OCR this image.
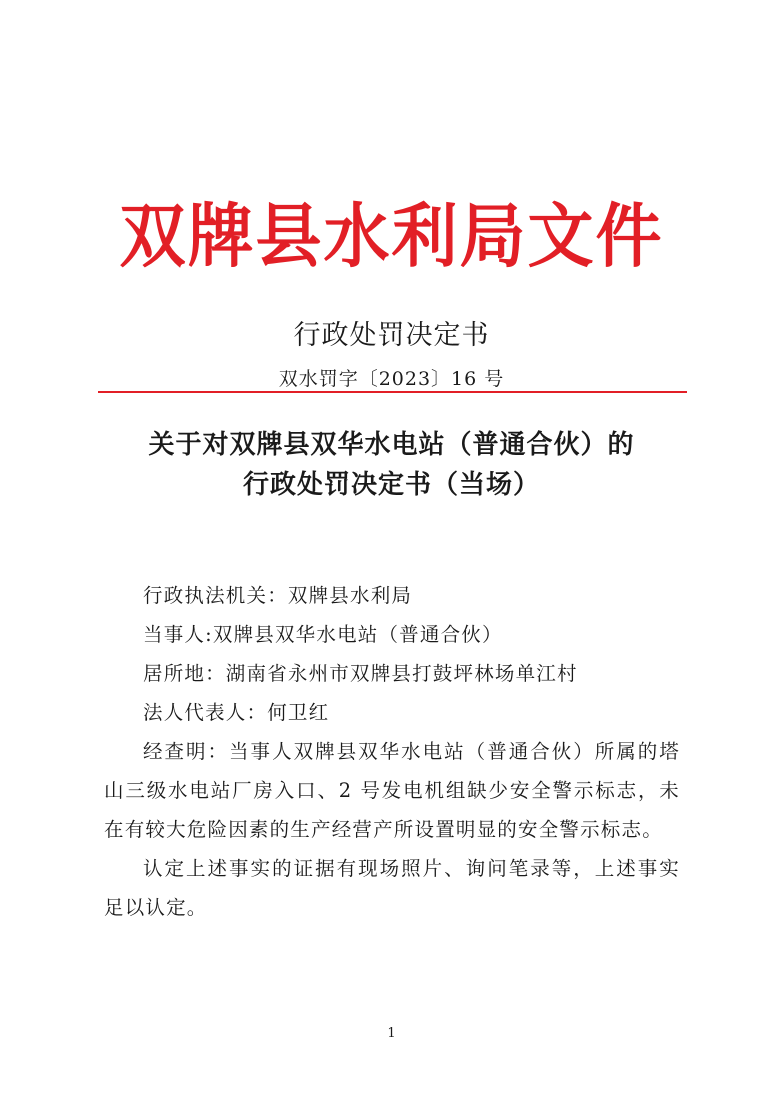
双牌县水利局文件
行政处罚决定书
双水罚字〔2023〕16 号
关于对双牌县双华水电站（普通合伙）的
行政处罚决定书（当场）

行政执法机关：双牌县水利局

当事人:双牌县双华水电站（普通合伙）

居所地：湖南省永州市双牌县打鼓坪林场单江村

法人代表人：何卫红

经查明：当事人双牌县双华水电站（普通合伙）所属的塔山三级水电站厂房入口、2 号发电机组缺少安全警示标志，未在有较大危险因素的生产经营产所设置明显的安全警示标志。

认定上述事实的证据有现场照片、询问笔录等，上述事实足以认定。

1
